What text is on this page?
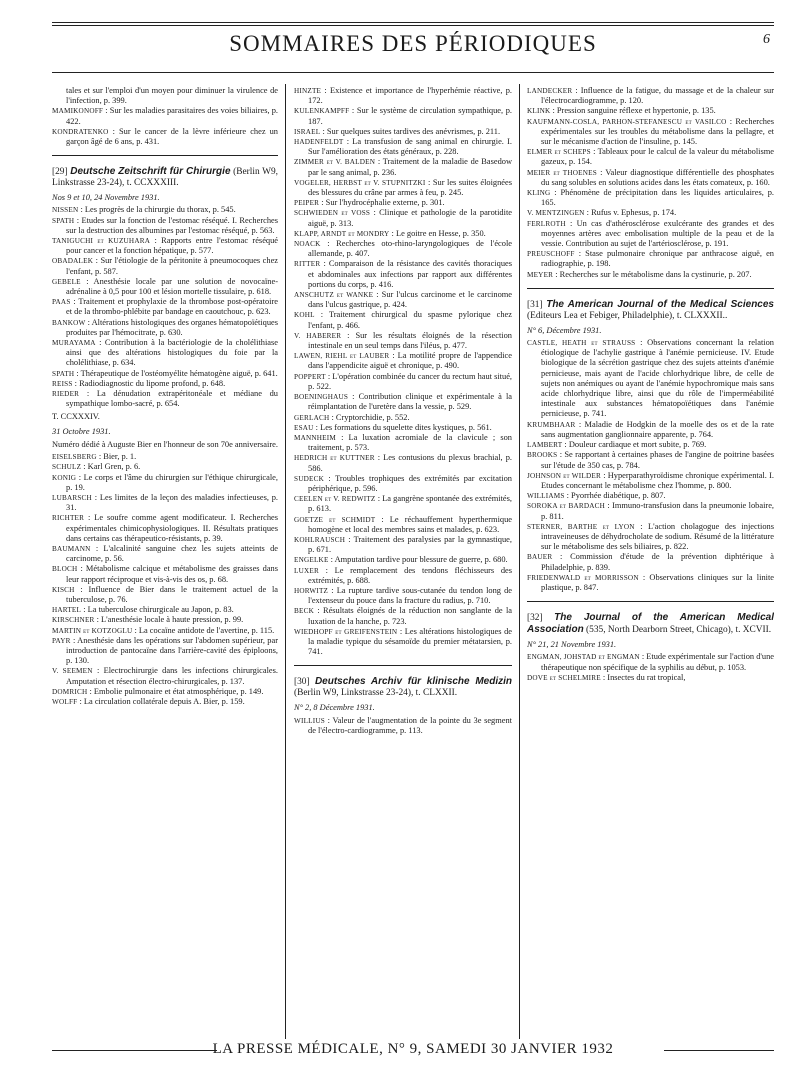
SOMMAIRES DES PÉRIODIQUES	6
tales et sur l'emploi d'un moyen pour diminuer la virulence de l'infection, p. 399.
MAMIKONOFF : Sur les maladies parasitaires des voies biliaires, p. 422.
KONDRATENKO : Sur le cancer de la lèvre inférieure chez un garçon âgé de 6 ans, p. 431.
[29] Deutsche Zeitschrift für Chirurgie (Berlin W9, Linkstrasse 23-24), t. CCXXXIII.
Nos 9 et 10, 24 Novembre 1931.
NISSEN : Les progrès de la chirurgie du thorax, p. 545.
SPATH : Etudes sur la fonction de l'estomac réséqué. I. Recherches sur la destruction des albumines par l'estomac réséqué, p. 563.
TANIGUCHI et KUZUHARA : Rapports entre l'estomac réséqué pour cancer et la fonction hépatique, p. 577.
OBADALEK : Sur l'étiologie de la péritonite à pneumocoques chez l'enfant, p. 587.
GEBELE : Anesthésie locale par une solution de novocaïne-adrénaline à 0,5 pour 100 et lésion mortelle tissulaire, p. 618.
PAAS : Traitement et prophylaxie de la thrombose post-opératoire et de la thrombo-phlébite par bandage en caoutchouc, p. 623.
BANKOW : Altérations histologiques des organes hématopoïétiques produites par l'hémocitrate, p. 630.
MURAYAMA : Contribution à la bactériologie de la cholélithiase ainsi que des altérations histologiques du foie par la cholélithiase, p. 634.
SPATH : Thérapeutique de l'ostéomyélite hématogène aiguë, p. 641.
REISS : Radiodiagnostic du lipome profond, p. 648.
RIEDER : La dénudation extrapéritonéale et médiane du sympathique lombo-sacré, p. 654.
T. CCXXXIV.
31 Octobre 1931.
Numéro dédié à Auguste Bier en l'honneur de son 70e anniversaire.
EISELSBERG : Bier, p. 1.
SCHULZ : Karl Gren, p. 6.
KONIG : Le corps et l'âme du chirurgien sur l'éthique chirurgicale, p. 19.
LUBARSCH : Les limites de la leçon des maladies infectieuses, p. 31.
RICHTER : Le soufre comme agent modificateur. I. Recherches expérimentales chimicophysiologiques. II. Résultats pratiques dans certains cas thérapeutico-résistants, p. 39.
BAUMANN : L'alcalinité sanguine chez les sujets atteints de carcinome, p. 56.
BLOCH : Métabolisme calcique et métabolisme des graisses dans leur rapport réciproque et vis-à-vis des os, p. 68.
KISCH : Influence de Bier dans le traitement actuel de la tuberculose, p. 76.
HARTEL : La tuberculose chirurgicale au Japon, p. 83.
KIRSCHNER : L'anesthésie locale à haute pression, p. 99.
MARTIN et KOTZOGLU : La cocaïne antidote de l'avertine, p. 115.
PAYR : Anesthésie dans les opérations sur l'abdomen supérieur, par introduction de pantocaïne dans l'arrière-cavité des épiploons, p. 130.
V. SEEMEN : Electrochirurgie dans les infections chirurgicales. Amputation et résection électro-chirurgicales, p. 137.
DOMRICH : Embolie pulmonaire et état atmosphérique, p. 149.
WOLFF : La circulation collatérale depuis A. Bier, p. 159.
HINZTE : Existence et importance de l'hyperhémie réactive, p. 172.
KULENKAMPFF : Sur le système de circulation sympathique, p. 187.
ISRAEL : Sur quelques suites tardives des anévrismes, p. 211.
HADENFELDT : La transfusion de sang animal en chirurgie. I. Sur l'amélioration des états généraux, p. 228.
ZIMMER et V. BALDEN : Traitement de la maladie de Basedow par le sang animal, p. 236.
VOGELER, HERBST et V. STUPNITZKI : Sur les suites éloignées des blessures du crâne par armes à feu, p. 245.
PEIPER : Sur l'hydrocéphalie externe, p. 301.
SCHWIEDEN et VOSS : Clinique et pathologie de la parotidite aiguë, p. 313.
KLAPP, ARNDT et MONDRY : Le goitre en Hesse, p. 350.
NOACK : Recherches oto-rhino-laryngologiques de l'école allemande, p. 407.
RITTER : Comparaison de la résistance des cavités thoraciques et abdominales aux infections par rapport aux différentes portions du corps, p. 416.
ANSCHUTZ et WANKE : Sur l'ulcus carcinome et le carcinome dans l'ulcus gastrique, p. 424.
KOHL : Traitement chirurgical du spasme pylorique chez l'enfant, p. 466.
V. HABERER : Sur les résultats éloignés de la résection intestinale en un seul temps dans l'iléus, p. 477.
LAWEN, RIEHL et LAUBER : La motilité propre de l'appendice dans l'appendicite aiguë et chronique, p. 490.
POPPERT : L'opération combinée du cancer du rectum haut situé, p. 522.
BOENINGHAUS : Contribution clinique et expérimentale à la réimplantation de l'uretère dans la vessie, p. 529.
GERLACH : Cryptorchidie, p. 552.
ESAU : Les formations du squelette dites kystiques, p. 561.
MANNHEIM : La luxation acromiale de la clavicule ; son traitement, p. 573.
HEDRICH et KUTTNER : Les contusions du plexus brachial, p. 586.
SUDECK : Troubles trophiques des extrémités par excitation périphérique, p. 596.
CEELEN et V. REDWITZ : La gangrène spontanée des extrémités, p. 613.
GOETZE et SCHMIDT : Le réchauffement hyperthermique homogène et local des membres sains et malades, p. 623.
KOHLRAUSCH : Traitement des paralysies par la gymnastique, p. 671.
ENGELKE : Amputation tardive pour blessure de guerre, p. 680.
LUXER : Le remplacement des tendons fléchisseurs des extrémités, p. 688.
HORWITZ : La rupture tardive sous-cutanée du tendon long de l'extenseur du pouce dans la fracture du radius, p. 710.
BECK : Résultats éloignés de la réduction non sanglante de la luxation de la hanche, p. 723.
WIEDHOPF et GREIFENSTEIN : Les altérations histologiques de la maladie typique du sésamoïde du premier métatarsien, p. 741.
[30] Deutsches Archiv für klinische Medizin (Berlin W9, Linkstrasse 23-24), t. CLXXII.
N° 2, 8 Décembre 1931.
WILLIUS : Valeur de l'augmentation de la pointe du 3e segment de l'électro-cardiogramme, p. 113.
LANDECKER : Influence de la fatigue, du massage et de la chaleur sur l'électrocardiogramme, p. 120.
KLINK : Pression sanguine réflexe et hypertonie, p. 135.
KAUFMANN-COSLA, PARHON-STEFANESCU et VASILCO : Recherches expérimentales sur les troubles du métabolisme dans la pellagre, et sur le mécanisme d'action de l'insuline, p. 145.
ELMER et SCHEPS : Tableaux pour le calcul de la valeur du métabolisme gazeux, p. 154.
MEIER et THOENES : Valeur diagnostique différentielle des phosphates du sang solubles en solutions acides dans les états comateux, p. 160.
KLING : Phénomène de précipitation dans les liquides articulaires, p. 165.
V. MENTZINGEN : Rufus v. Ephesus, p. 174.
FERLROTH : Un cas d'athérosclérose exulcérante des grandes et des moyennes artères avec embolisation multiple de la peau et de la vessie. Contribution au sujet de l'artériosclérose, p. 191.
PREUSCHOFF : Stase pulmonaire chronique par anthracose aiguë, en radiographie, p. 198.
MEYER : Recherches sur le métabolisme dans la cystinurie, p. 207.
[31] The American Journal of the Medical Sciences (Editeurs Lea et Febiger, Philadelphie), t. CLXXXII..
N° 6, Décembre 1931.
CASTLE, HEATH et STRAUSS : Observations concernant la relation étiologique de l'achylie gastrique à l'anémie pernicieuse. IV. Etude biologique de la sécrétion gastrique chez des sujets atteints d'anémie pernicieuse, mais ayant de l'acide chlorhydrique libre, de celle de sujets non anémiques ou ayant de l'anémie hypochromique mais sans acide chlorhydrique libre, ainsi que du rôle de l'imperméabilité intestinale aux substances hématopoïétiques dans l'anémie pernicieuse, p. 741.
KRUMBHAAR : Maladie de Hodgkin de la moelle des os et de la rate sans augmentation ganglionnaire apparente, p. 764.
LAMBERT : Douleur cardiaque et mort subite, p. 769.
BROOKS : Se rapportant à certaines phases de l'angine de poitrine basées sur l'étude de 350 cas, p. 784.
JOHNSON et WILDER : Hyperparathyroïdisme chronique expérimental. I. Etudes concernant le métabolisme chez l'homme, p. 800.
WILLIAMS : Pyorrhée diabétique, p. 807.
SOROKA et BARDACH : Immuno-transfusion dans la pneumonie lobaire, p. 811.
STERNER, BARTHE et LYON : L'action cholagogue des injections intraveineuses de déhydrocholate de sodium. Résumé de la littérature sur le métabolisme des sels biliaires, p. 822.
BAUER : Commission d'étude de la prévention diphtérique à Philadelphie, p. 839.
FRIEDENWALD et MORRISSON : Observations cliniques sur la linite plastique, p. 847.
[32] The Journal of the American Medical Association (535, North Dearborn Street, Chicago), t. XCVII.
N° 21, 21 Novembre 1931.
ENGMAN, JOHSTAD et ENGMAN : Etude expérimentale sur l'action d'une thérapeutique non spécifique de la syphilis au début, p. 1053.
DOVE et SCHELMIRE : Insectes du rat tropical,
LA PRESSE MÉDICALE, N° 9, SAMEDI 30 JANVIER 1932
